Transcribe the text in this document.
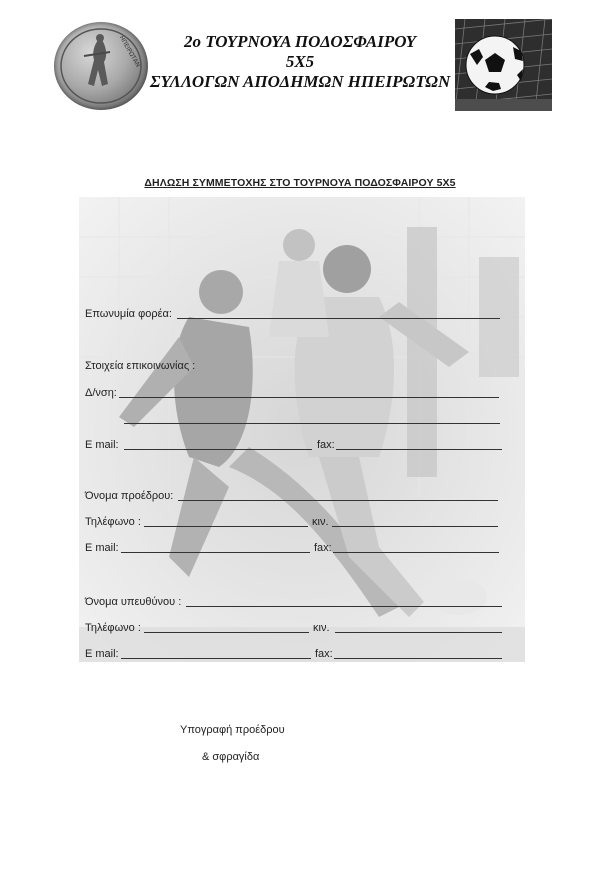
ΗΠΕΙΡΩΤΑΝ	2ο ΤΟΥΡΝΟΥΑ ΠΟΔΟΣΦΑΙΡΟΥ
5Χ5
ΣΥΛΛΟΓΩΝ ΑΠΟΔΗΜΩΝ ΗΠΕΙΡΩΤΩΝ
ΔΗΛΩΣΗ ΣΥΜΜΕΤΟΧΗΣ ΣΤΟ ΤΟΥΡΝΟΥΑ ΠΟΔΟΣΦΑΙΡΟΥ 5Χ5
Επωνυμία φορέα:
Στοιχεία επικοινωνίας :
Δ/νση:
E mail:	fax:
Όνομα προέδρου:
Τηλέφωνο :	κιν.
E mail:	fax:
Όνομα υπευθύνου :
Τηλέφωνο :	κιν.
E mail:	fax:
Υπογραφή προέδρου
& σφραγίδα
